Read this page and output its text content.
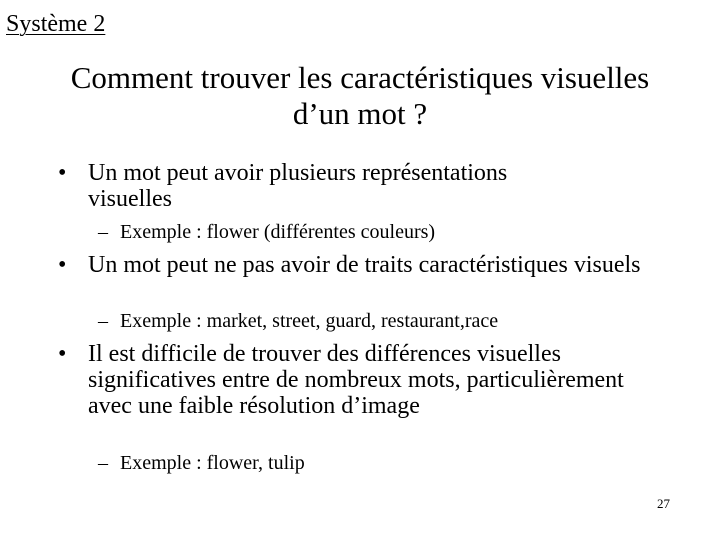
Système 2
Comment trouver les caractéristiques visuelles
d’un mot ?
• Un mot peut avoir plusieurs représentations visuelles
– Exemple : flower (différentes couleurs)
• Un mot peut ne pas avoir de traits caractéristiques visuels
– Exemple : market, street, guard, restaurant,race
• Il est difficile de trouver des différences visuelles significatives entre de nombreux mots, particulièrement avec une faible résolution d’image
– Exemple : flower, tulip
27
